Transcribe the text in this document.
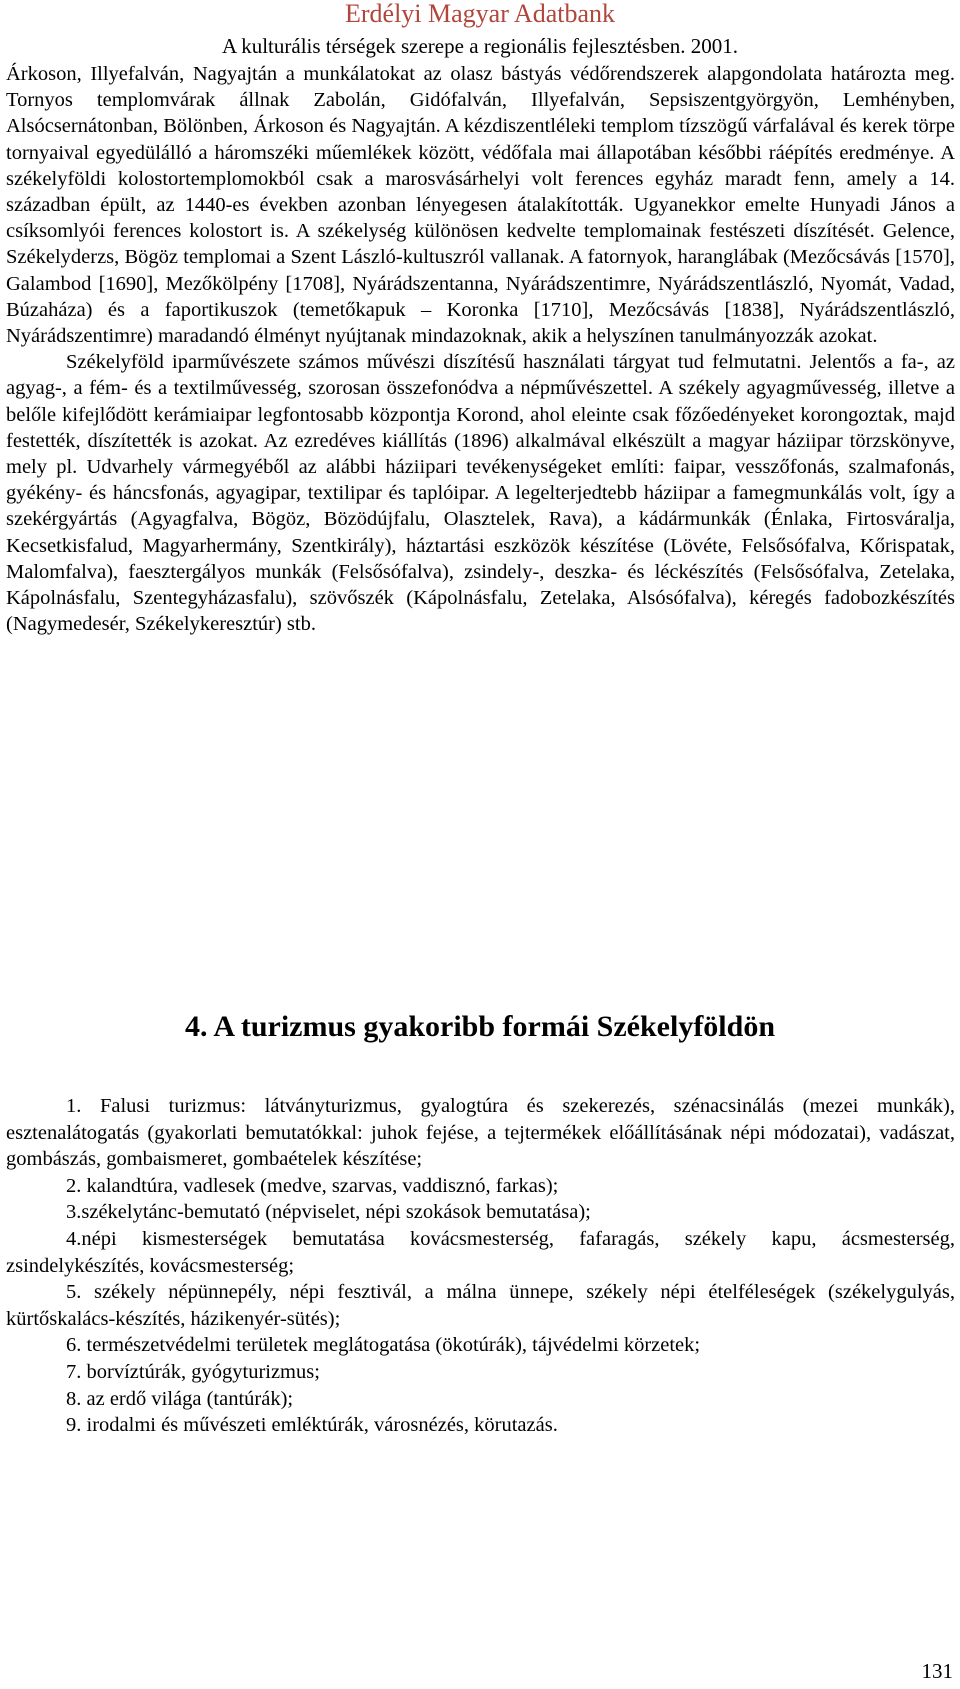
Erdélyi Magyar Adatbank
A kulturális térségek szerepe a regionális fejlesztésben. 2001.

Árkoson, Illyefalván, Nagyajtán a munkálatokat az olasz bástyás védőrendszerek alapgondolata határozta meg. Tornyos templomvárak állnak Zabolán, Gidófalván, Illyefalván, Sepsiszentgyörgyön, Lemhényben, Alsócsernátonban, Bölönben, Árkoson és Nagyajtán. A kézdiszentléleki templom tízszögű várfalával és kerek törpe tornyaival egyedülálló a háromszéki műemlékek között, védőfala mai állapotában későbbi ráépítés eredménye. A székelyföldi kolostortemplomokból csak a marosvásárhelyi volt ferences egyház maradt fenn, amely a 14. században épült, az 1440-es években azonban lényegesen átalakították. Ugyanekkor emelte Hunyadi János a csíksomlyói ferences kolostort is. A székelység különösen kedvelte templomainak festészeti díszítését. Gelence, Székelyderzs, Bögöz templomai a Szent László-kultuszról vallanak. A fatornyok, haranglábak (Mezőcsávás [1570], Galambod [1690], Mezőkölpény [1708], Nyárádszentanna, Nyárádszentimre, Nyárádszentlászló, Nyomát, Vadad, Búzaháza) és a faportikuszok (temetőkapuk – Koronka [1710], Mezőcsávás [1838], Nyárádszentlászló, Nyárádszentimre) maradandó élményt nyújtanak mindazoknak, akik a helyszínen tanulmányozzák azokat.

Székelyföld iparművészete számos művészi díszítésű használati tárgyat tud felmutatni. Jelentős a fa-, az agyag-, a fém- és a textilművesség, szorosan összefonódva a népművészettel. A székely agyagművesség, illetve a belőle kifejlődött kerámiaipar legfontosabb központja Korond, ahol eleinte csak főzőedényeket korongoztak, majd festették, díszítették is azokat. Az ezredéves kiállítás (1896) alkalmával elkészült a magyar háziipar törzskönyve, mely pl. Udvarhely vármegyéből az alábbi háziipari tevékenységeket említi: faipar, vesszőfonás, szalmafonás, gyékény- és háncsfonás, agyagipar, textilipar és taplóipar. A legelterjedtebb háziipar a famegmunkálás volt, így a szekérgyártás (Agyagfalva, Bögöz, Bözödújfalu, Olasztelek, Rava), a kádármunkák (Énlaka, Firtosváralja, Kecsetkisfalud, Magyarhermány, Szentkirály), háztartási eszközök készítése (Lövéte, Felsősófalva, Kőrispatak, Malomfalva), faesztergályos munkák (Felsősófalva), zsindely-, deszka- és léckészítés (Felsősófalva, Zetelaka, Kápolnásfalu, Szentegyházasfalu), szövőszék (Kápolnásfalu, Zetelaka, Alsósófalva), kéregés fadobozkészítés (Nagymedesér, Székelykeresztúr) stb.

4. A turizmus gyakoribb formái Székelyföldön

1. Falusi turizmus: látványturizmus, gyalogtúra és szekerezés, szénacsinálás (mezei munkák), esztenalátogatás (gyakorlati bemutatókkal: juhok fejése, a tejtermékek előállításának népi módozatai), vadászat, gombászás, gombaismeret, gombaételek készítése;

2. kalandtúra, vadlesek (medve, szarvas, vaddisznó, farkas);

3.székelytánc-bemutató (népviselet, népi szokások bemutatása);

4.népi kismesterségek bemutatása kovácsmesterség, fafaragás, székely kapu, ácsmesterség, zsindelykészítés, kovácsmesterség;

5. székely népünnepély, népi fesztivál, a málna ünnepe, székely népi ételféleségek (székelygulyás, kürtőskalács-készítés, házikenyér-sütés);

6. természetvédelmi területek meglátogatása (ökotúrák), tájvédelmi körzetek;

7. borvíztúrák, gyógyturizmus;

8. az erdő világa (tantúrák);

9. irodalmi és művészeti emléktúrák, városnézés, körutazás.

131
